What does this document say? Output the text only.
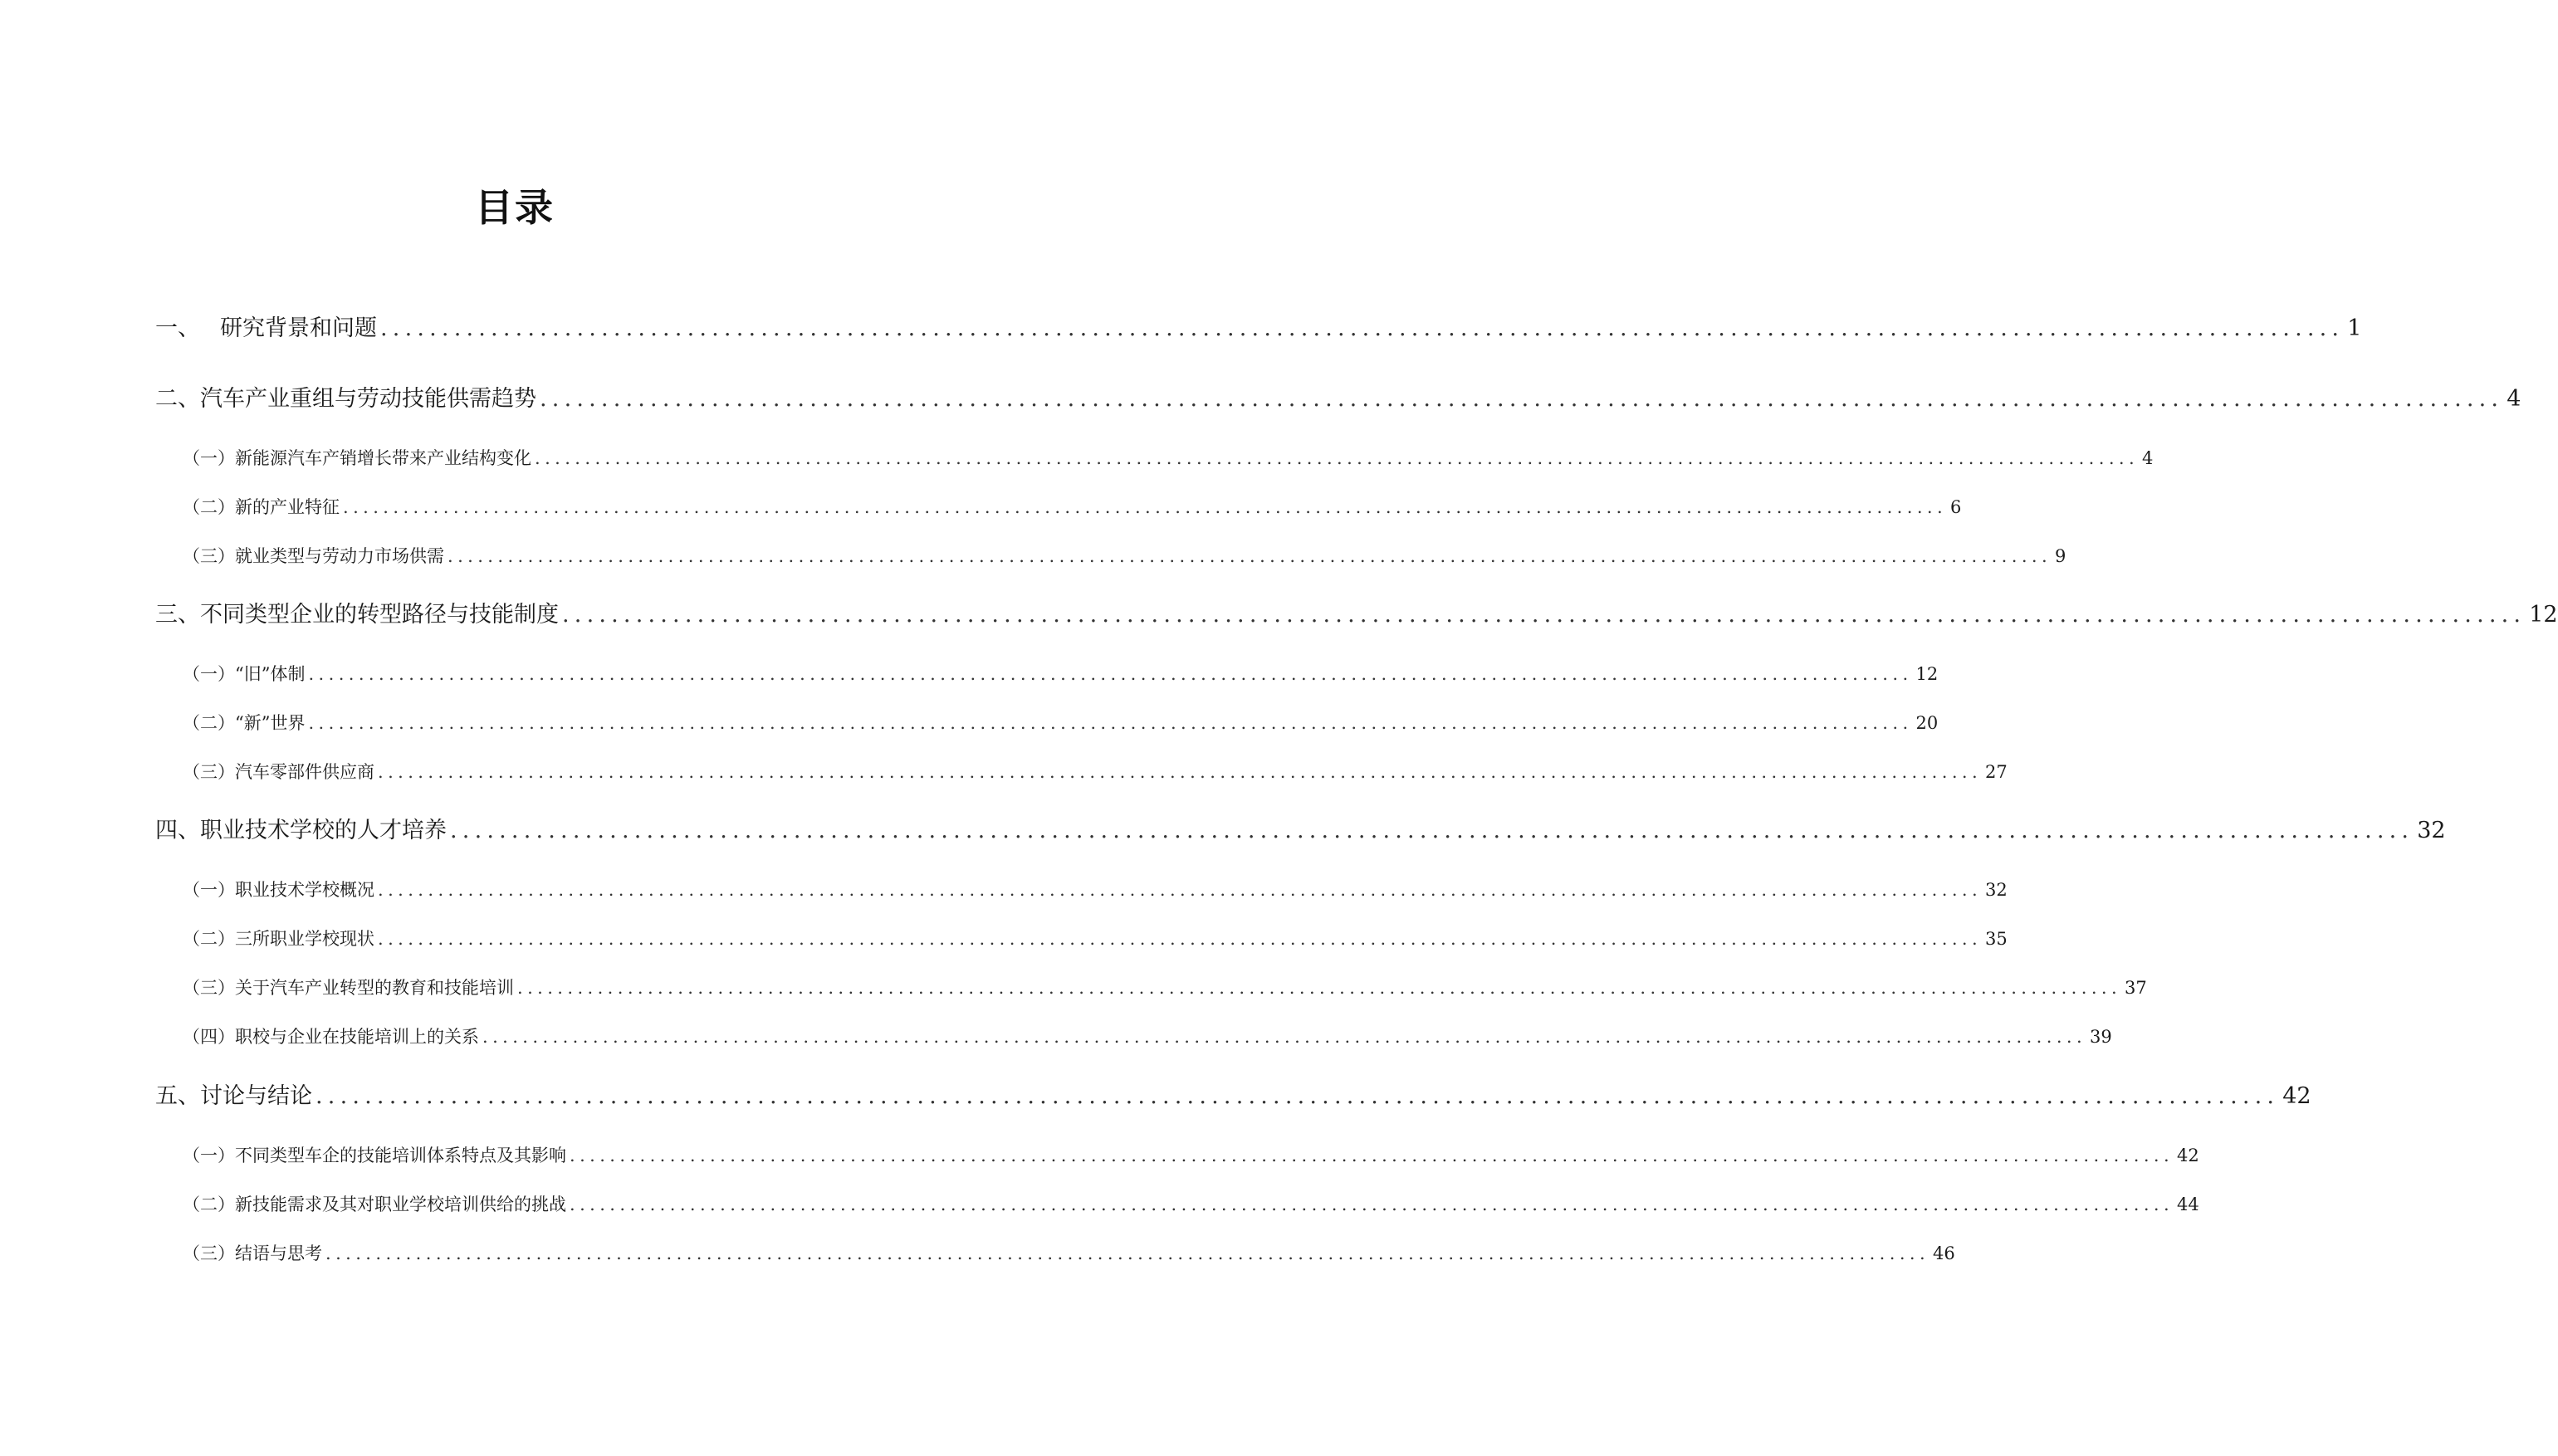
目录
一、 研究背景和问题 ................................................................................................................................................................ 1
二、 汽车产业重组与劳动技能供需趋势 ................................................................................................................................................................ 4
（一） 新能源汽车产销增长带来产业结构变化 ................................................................................................................................................................ 4
（二） 新的产业特征 ................................................................................................................................................................ 6
（三） 就业类型与劳动力市场供需 ................................................................................................................................................................ 9
三、 不同类型企业的转型路径与技能制度 ................................................................................................................................................................ 12
（一） “旧”体制 ................................................................................................................................................................ 12
（二） “新”世界 ................................................................................................................................................................ 20
（三） 汽车零部件供应商 ................................................................................................................................................................ 27
四、 职业技术学校的人才培养 ................................................................................................................................................................ 32
（一） 职业技术学校概况 ................................................................................................................................................................ 32
（二） 三所职业学校现状 ................................................................................................................................................................ 35
（三） 关于汽车产业转型的教育和技能培训 ................................................................................................................................................................ 37
（四） 职校与企业在技能培训上的关系 ................................................................................................................................................................ 39
五、 讨论与结论 ................................................................................................................................................................ 42
（一） 不同类型车企的技能培训体系特点及其影响 ................................................................................................................................................................ 42
（二） 新技能需求及其对职业学校培训供给的挑战 ................................................................................................................................................................ 44
（三） 结语与思考 ................................................................................................................................................................ 46
